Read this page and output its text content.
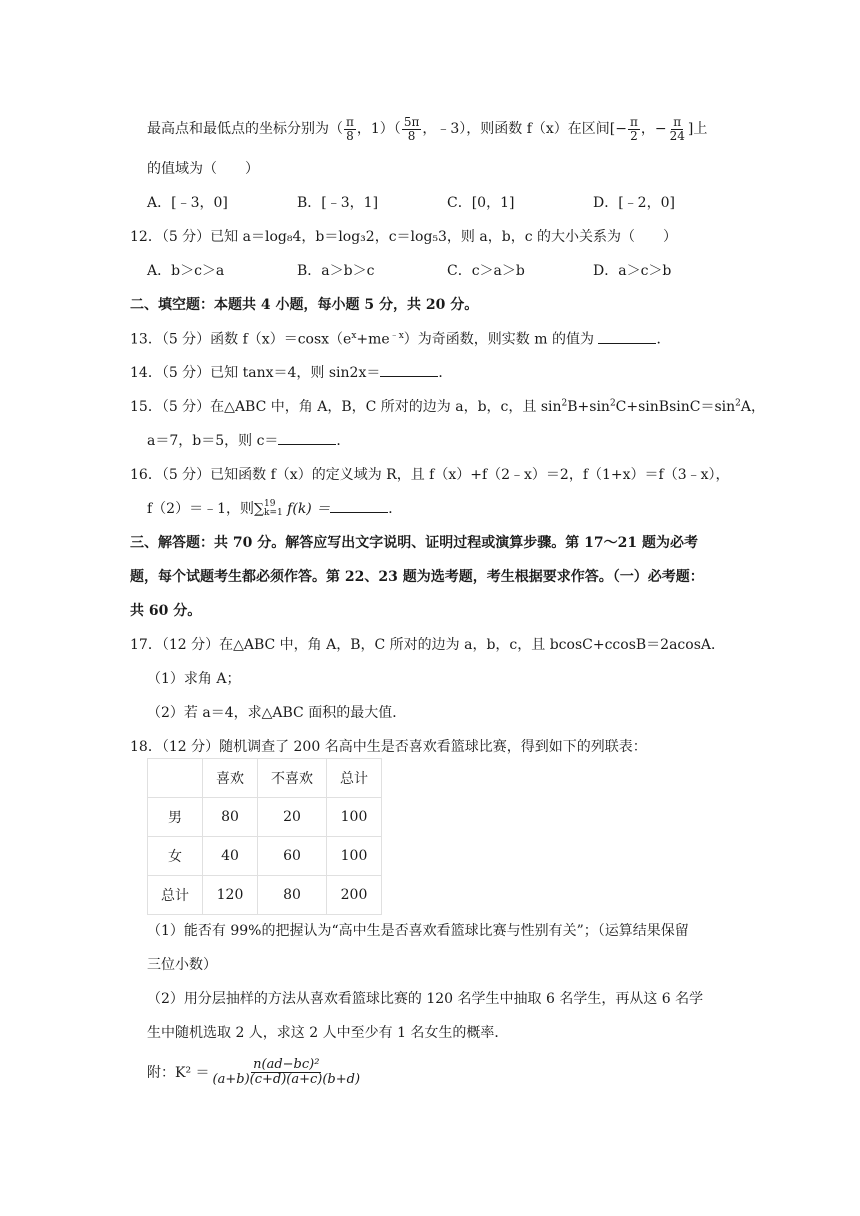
最高点和最低点的坐标分别为（ $\frac{\pi}{8}$ ，$1)( \frac{5\pi}{8}$ ，﹣3），则函数 f（x）在区间[− $\frac{\pi}{2}$ ，− $\frac{\pi}{24}$ ]上
的值域为（　　）
A．[﹣3，0]	B．[﹣3，1]	C．[0，1]	D．[﹣2，0]
12．（5 分）已知 a＝log₈4，b＝log₃2，c＝log₅3，则 a，b，c 的大小关系为（　　）
A．b＞c＞a	B．a＞b＞c	C．c＞a＞b	D．a＞c＞b
二、填空题：本题共 4 小题，每小题 5 分，共 20 分。
13．（5 分）函数 $f(x)=\cos x(e^x+me^{﹣x})$为奇函数，则实数 m 的值为	．
14．（5 分）已知 tanx＝4，则 sin2x＝	．
15．（5 分）在△ABC 中，角 A，B，C 所对的边为 a，b，c，且 $\sin^2B+\sin^2C+sinBsinC=\sin^2A$，
a＝7，b＝5，则 c＝	．
16．（5 分）已知函数 f（x）的定义域为 R，且 f（x）+f（2﹣x）＝2，f（1+x）＝f（3﹣x），
f（2）＝﹣1，则∑ 19
k=1 f(k) ＝	．
三、解答题：共 70 分。解答应写出文字说明、证明过程或演算步骤。第 17～21 题为必考
题，每个试题考生都必须作答。第 22、23 题为选考题，考生根据要求作答。（一）必考题：
共 60 分。
17．（12 分）在△ABC 中，角 A，B，C 所对的边为 a，b，c，且 bcosC+ccosB＝2acosA．
（1）求角 A；
（2）若 a＝4，求△ABC 面积的最大值．
18．（12 分）随机调查了 200 名高中生是否喜欢看篮球比赛，得到如下的列联表：
	喜欢	不喜欢	总计
男	80	20	100
女	40	60	100
总计	120	80	200
（1）能否有 99%的把握认为“高中生是否喜欢看篮球比赛与性别有关”；（运算结果保留
三位小数）
（2）用分层抽样的方法从喜欢看篮球比赛的 120 名学生中抽取 6 名学生，再从这 6 名学
生中随机选取 2 人，求这 2 人中至少有 1 名女生的概率．
附：$K^2 = \frac{\text{n(ad−bc)²}}{(a+b)(c+d)(a+c)(b+d)}$
